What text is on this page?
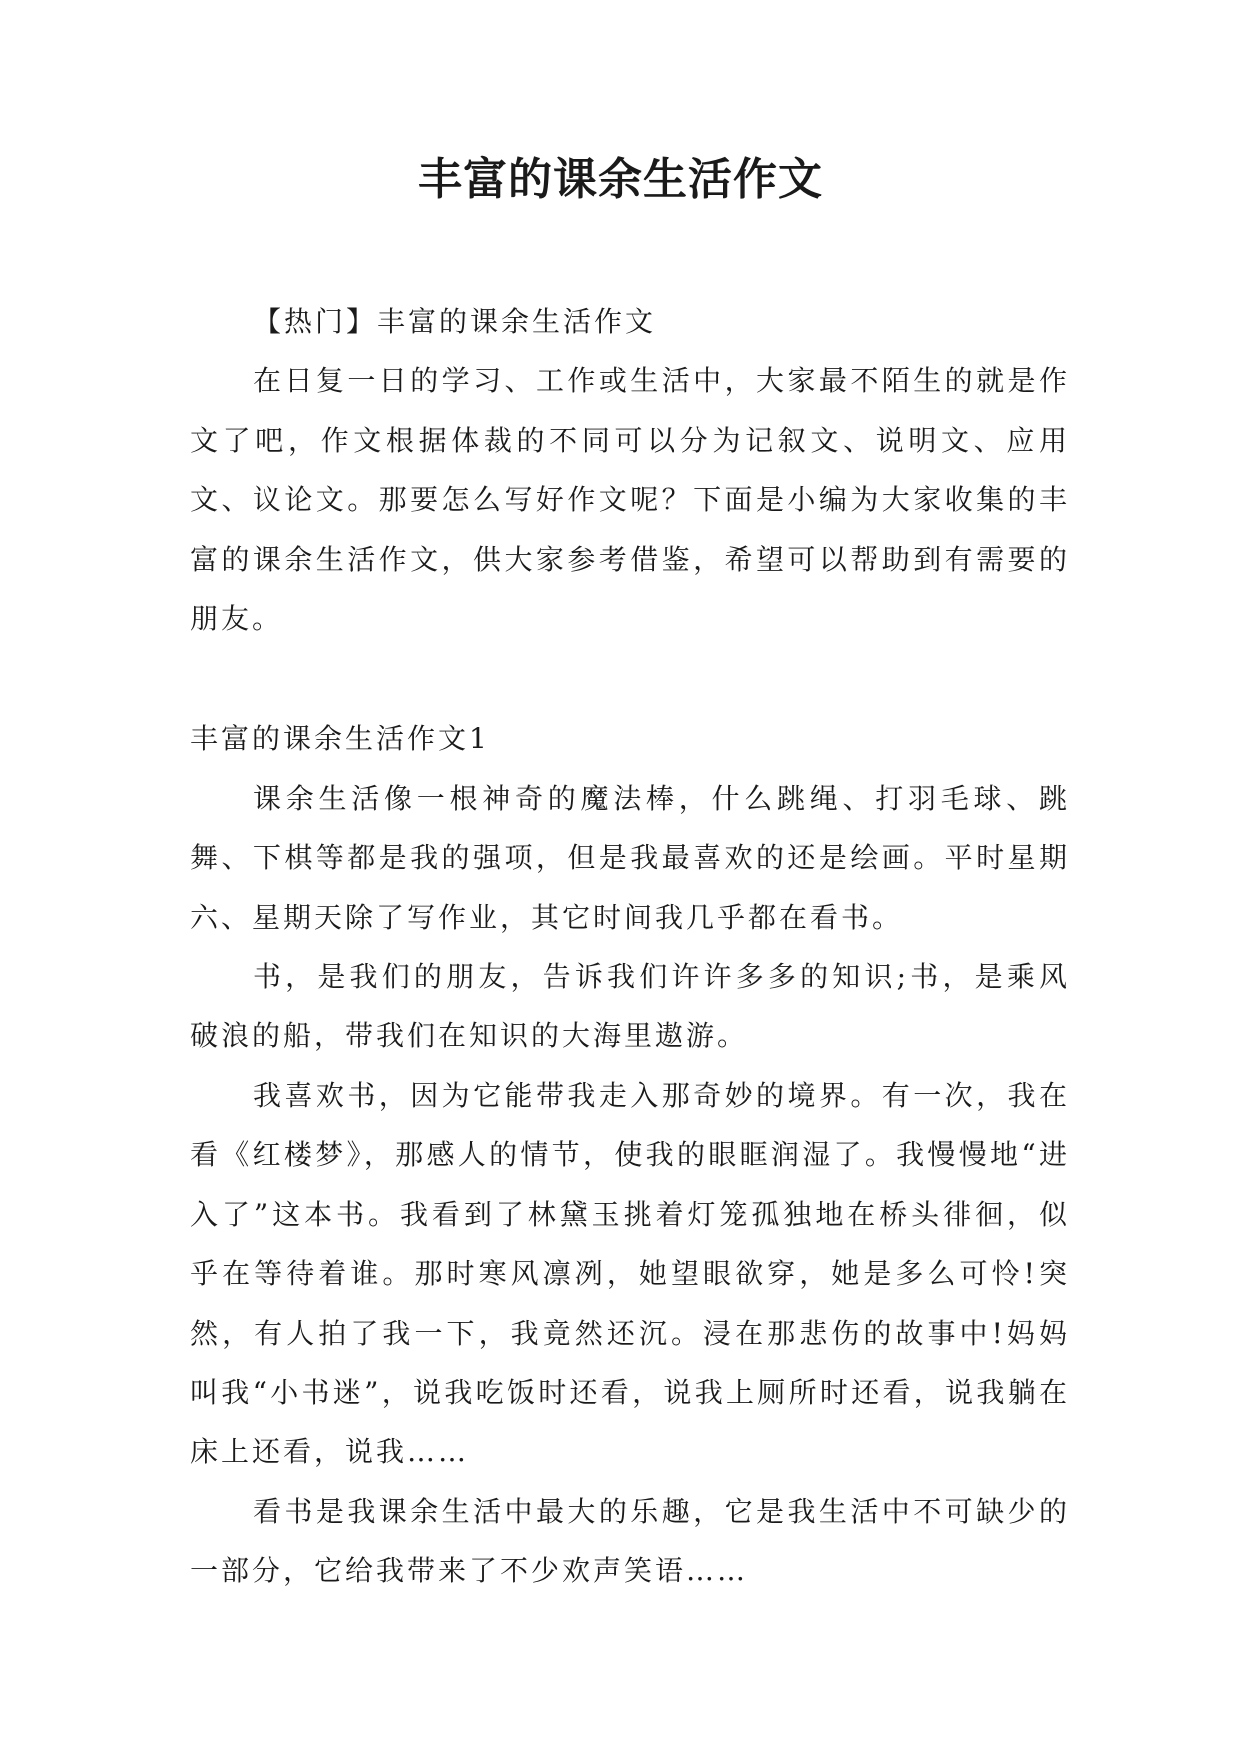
丰富的课余生活作文

【热门】丰富的课余生活作文

在日复一日的学习、工作或生活中，大家最不陌生的就是作文了吧，作文根据体裁的不同可以分为记叙文、说明文、应用文、议论文。那要怎么写好作文呢？下面是小编为大家收集的丰富的课余生活作文，供大家参考借鉴，希望可以帮助到有需要的朋友。

丰富的课余生活作文1

课余生活像一根神奇的魔法棒，什么跳绳、打羽毛球、跳舞、下棋等都是我的强项，但是我最喜欢的还是绘画。平时星期六、星期天除了写作业，其它时间我几乎都在看书。

书，是我们的朋友，告诉我们许许多多的知识;书，是乘风破浪的船，带我们在知识的大海里遨游。

我喜欢书，因为它能带我走入那奇妙的境界。有一次，我在看《红楼梦》，那感人的情节，使我的眼眶润湿了。我慢慢地“进入了”这本书。我看到了林黛玉挑着灯笼孤独地在桥头徘徊，似乎在等待着谁。那时寒风凛冽，她望眼欲穿，她是多么可怜!突然，有人拍了我一下，我竟然还沉。浸在那悲伤的故事中!妈妈叫我“小书迷”，说我吃饭时还看，说我上厕所时还看，说我躺在床上还看，说我……

看书是我课余生活中最大的乐趣，它是我生活中不可缺少的一部分，它给我带来了不少欢声笑语……
